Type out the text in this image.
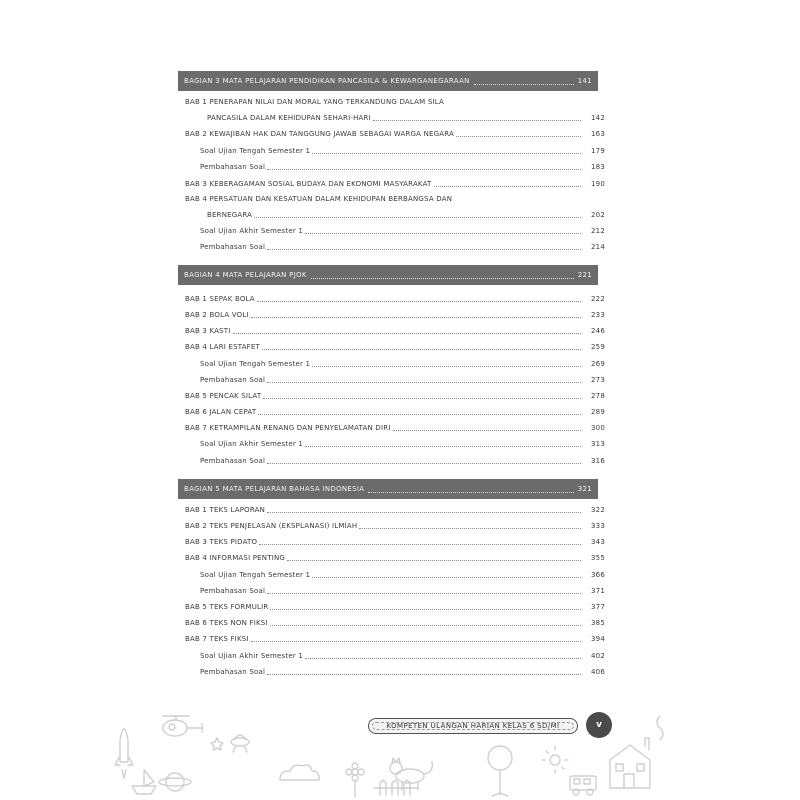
BAGIAN 3 MATA PELAJARAN PENDIDIKAN PANCASILA & KEWARGANEGARAAN	141
BAB 1 PENERAPAN NILAI DAN MORAL YANG TERKANDUNG DALAM SILA
PANCASILA DALAM KEHIDUPAN SEHARI-HARI	142
BAB 2 KEWAJIBAN HAK DAN TANGGUNG JAWAB SEBAGAI WARGA NEGARA	163
Soal Ujian Tengah Semester 1	179
Pembahasan Soal	183
BAB 3 KEBERAGAMAN SOSIAL BUDAYA DAN EKONOMI MASYARAKAT	190
BAB 4 PERSATUAN DAN KESATUAN DALAM KEHIDUPAN BERBANGSA DAN
BERNEGARA	202
Soal Ujian Akhir Semester 1	212
Pembahasan Soal	214
BAGIAN 4 MATA PELAJARAN PJOK	221
BAB 1 SEPAK BOLA	222
BAB 2 BOLA VOLI	233
BAB 3 KASTI	246
BAB 4 LARI ESTAFET	259
Soal Ujian Tengah Semester 1	269
Pembahasan Soal	273
BAB 5 PENCAK SILAT	278
BAB 6 JALAN CEPAT	289
BAB 7 KETRAMPILAN RENANG DAN PENYELAMATAN DIRI	300
Soal Ujian Akhir Semester 1	313
Pembahasan Soal	316
BAGIAN 5 MATA PELAJARAN BAHASA INDONESIA	321
BAB 1 TEKS LAPORAN	322
BAB 2 TEKS PENJELASAN (EKSPLANASI) ILMIAH	333
BAB 3 TEKS PIDATO	343
BAB 4 INFORMASI PENTING	355
Soal Ujian Tengah Semester 1	366
Pembahasan Soal	371
BAB 5 TEKS FORMULIR	377
BAB 6 TEKS NON FIKSI	385
BAB 7 TEKS FIKSI	394
Soal Ujian Akhir Semester 1	402
Pembahasan Soal	406
KOMPETEN ULANGAN HARIAN KELAS 6 SD/MI	v
